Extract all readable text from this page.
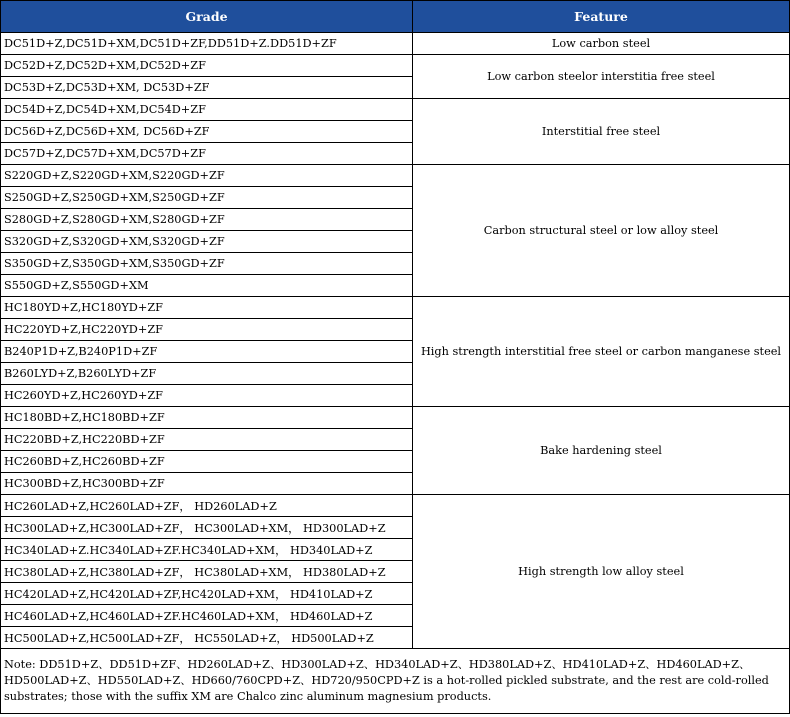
Grade	Feature
DC51D+Z,DC51D+XM,DC51D+ZF,DD51D+Z.DD51D+ZF	Low carbon steel
DC52D+Z,DC52D+XM,DC52D+ZF	Low carbon steelor interstitia free steel
DC53D+Z,DC53D+XM, DC53D+ZF	
DC54D+Z,DC54D+XM,DC54D+ZF	Interstitial free steel
DC56D+Z,DC56D+XM, DC56D+ZF	
DC57D+Z,DC57D+XM,DC57D+ZF	
S220GD+Z,S220GD+XM,S220GD+ZF	Carbon structural steel or low alloy steel
S250GD+Z,S250GD+XM,S250GD+ZF	
S280GD+Z,S280GD+XM,S280GD+ZF	
S320GD+Z,S320GD+XM,S320GD+ZF	
S350GD+Z,S350GD+XM,S350GD+ZF	
S550GD+Z,S550GD+XM	
HC180YD+Z,HC180YD+ZF	High strength interstitial free steel or carbon manganese steel
HC220YD+Z,HC220YD+ZF	
B240P1D+Z,B240P1D+ZF	
B260LYD+Z,B260LYD+ZF	
HC260YD+Z,HC260YD+ZF	
HC180BD+Z,HC180BD+ZF	Bake hardening steel
HC220BD+Z,HC220BD+ZF	
HC260BD+Z,HC260BD+ZF	
HC300BD+Z,HC300BD+ZF	
HC260LAD+Z,HC260LAD+ZF， HD260LAD+Z	High strength low alloy steel
HC300LAD+Z,HC300LAD+ZF， HC300LAD+XM， HD300LAD+Z	
HC340LAD+Z.HC340LAD+ZF.HC340LAD+XM， HD340LAD+Z	
HC380LAD+Z,HC380LAD+ZF， HC380LAD+XM， HD380LAD+Z	
HC420LAD+Z,HC420LAD+ZF,HC420LAD+XM， HD410LAD+Z	
HC460LAD+Z,HC460LAD+ZF.HC460LAD+XM， HD460LAD+Z	
HC500LAD+Z,HC500LAD+ZF， HC550LAD+Z， HD500LAD+Z	
Note: DD51D+Z、DD51D+ZF、HD260LAD+Z、HD300LAD+Z、HD340LAD+Z、HD380LAD+Z、HD410LAD+Z、HD460LAD+Z、HD500LAD+Z、HD550LAD+Z、HD660/760CPD+Z、HD720/950CPD+Z is a hot-rolled pickled substrate, and the rest are cold-rolled substrates; those with the suffix XM are Chalco zinc aluminum magnesium products.	
